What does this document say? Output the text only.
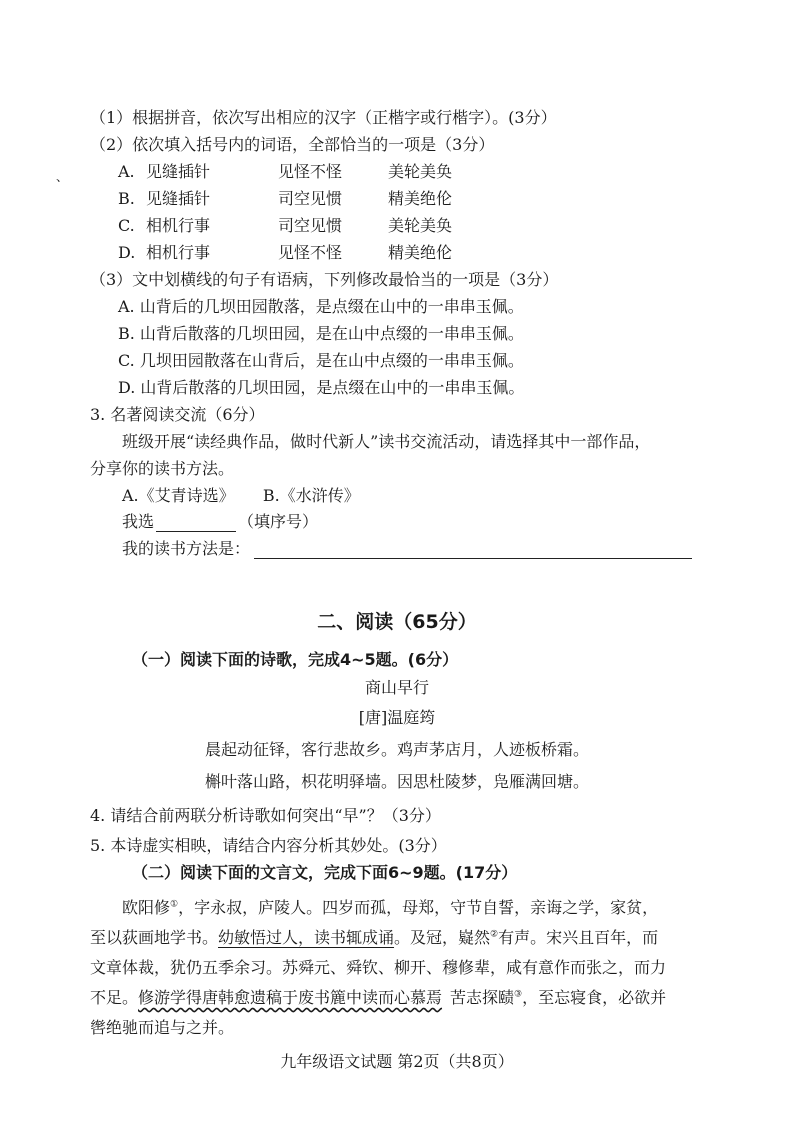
、
（1）根据拼音，依次写出相应的汉字（正楷字或行楷字）。(3分）
（2）依次填入括号内的词语，全部恰当的一项是（3分）
A. 见缝插针	见怪不怪	美轮美奂
B. 见缝插针	司空见惯	精美绝伦
C. 相机行事	司空见惯	美轮美奂
D. 相机行事	见怪不怪	精美绝伦
（3）文中划横线的句子有语病，下列修改最恰当的一项是（3分）
A. 山背后的几坝田园散落，是点缀在山中的一串串玉佩。
B. 山背后散落的几坝田园，是在山中点缀的一串串玉佩。
C. 几坝田园散落在山背后，是在山中点缀的一串串玉佩。
D. 山背后散落的几坝田园，是点缀在山中的一串串玉佩。
3. 名著阅读交流（6分）
班级开展“读经典作品，做时代新人”读书交流活动，请选择其中一部作品，
分享你的读书方法。
A.《艾青诗选》 B.《水浒传》
我选	（填序号）
我的读书方法是：
二、阅读（65分）
（一）阅读下面的诗歌，完成4~5题。(6分）
商山早行
[唐]温庭筠
晨起动征铎，客行悲故乡。鸡声茅店月，人迹板桥霜。
槲叶落山路，枳花明驿墙。因思杜陵梦，凫雁满回塘。
4. 请结合前两联分析诗歌如何突出“早”？（3分）
5. 本诗虚实相映，请结合内容分析其妙处。(3分）
（二）阅读下面的文言文，完成下面6~9题。(17分）
欧阳修①，字永叔，庐陵人。四岁而孤，母郑，守节自誓，亲诲之学，家贫，
至以荻画地学书。幼敏悟过人，读书辄成诵。及冠，嶷然②有声。宋兴且百年，而
文章体裁，犹仍五季余习。苏舜元、舜钦、柳开、穆修辈，咸有意作而张之，而力
不足。修游学得唐韩愈遗稿于废书簏中读而心慕焉 苦志探赜③，至忘寝食，必欲并
辔绝驰而追与之并。
九年级语文试题 第2页（共8页）
